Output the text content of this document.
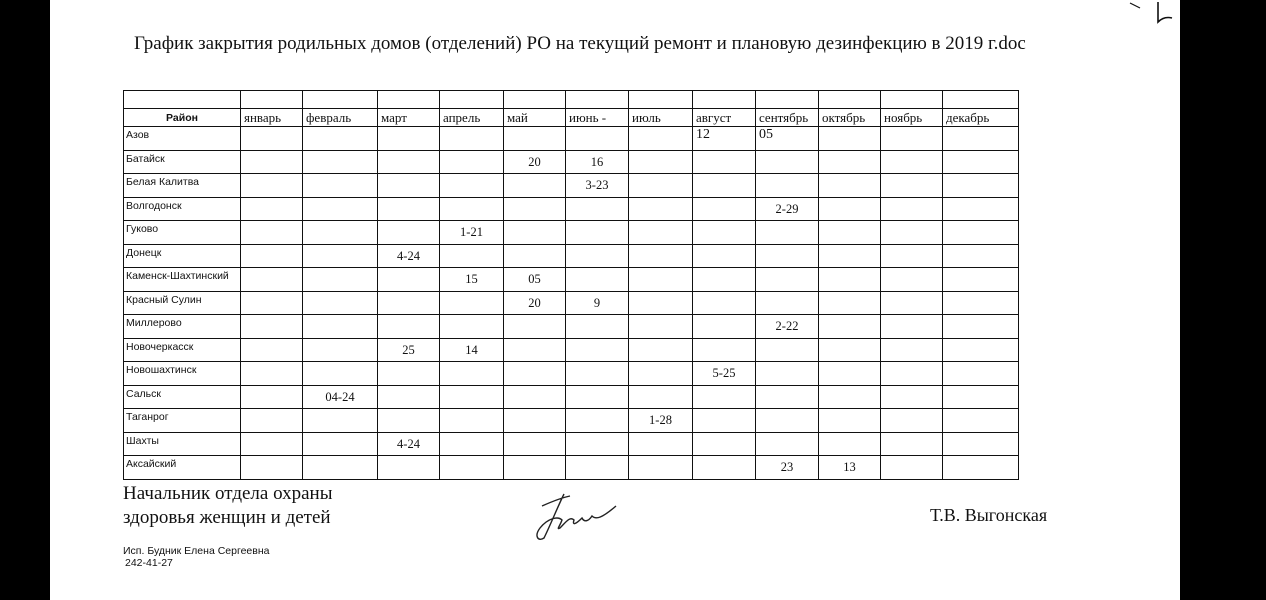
График закрытия родильных домов (отделений) РО на текущий ремонт и плановую дезинфекцию в 2019 г.doc

Район	январь	февраль	март	апрель	май	июнь -	июль	август	сентябрь	октябрь	ноябрь	декабрь
Азов								12	05			
Батайск					20	16						
Белая Калитва						3-23						
Волгодонск									2-29			
Гуково				1-21								
Донецк			4-24									
Каменск-Шахтинский				15	05							
Красный Сулин					20	9						
Миллерово									2-22			
Новочеркасск			25	14								
Новошахтинск								5-25				
Сальск		04-24										
Таганрог							1-28					
Шахты			4-24									
Аксайский									23	13		
Начальник отдела охраны
здоровья женщин и детей	Т.В. Выгонская
Исп. Будник Елена Сергеевна
242-41-27
